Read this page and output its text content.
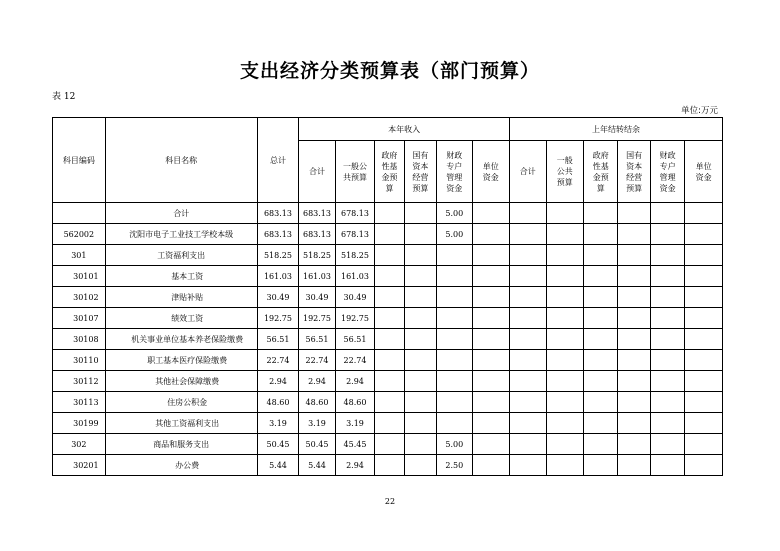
支出经济分类预算表（部门预算）
表 12
单位:万元
科目编码	科目名称	总计	本年收入						上年结转结余					
			合计	一般公共预算	政府性基金预算	国有资本经营预算	财政专户管理资金	单位资金	合计	一般公共预算	政府性基金预算	国有资本经营预算	财政专户管理资金	单位资金
	合计	683.13	683.13	678.13			5.00							
562002	沈阳市电子工业技工学校本级	683.13	683.13	678.13			5.00							
301	工资福利支出	518.25	518.25	518.25										
30101	基本工资	161.03	161.03	161.03										
30102	津贴补贴	30.49	30.49	30.49										
30107	绩效工资	192.75	192.75	192.75										
30108	机关事业单位基本养老保险缴费	56.51	56.51	56.51										
30110	职工基本医疗保险缴费	22.74	22.74	22.74										
30112	其他社会保障缴费	2.94	2.94	2.94										
30113	住房公积金	48.60	48.60	48.60										
30199	其他工资福利支出	3.19	3.19	3.19										
302	商品和服务支出	50.45	50.45	45.45			5.00							
30201	办公费	5.44	5.44	2.94			2.50							
22
